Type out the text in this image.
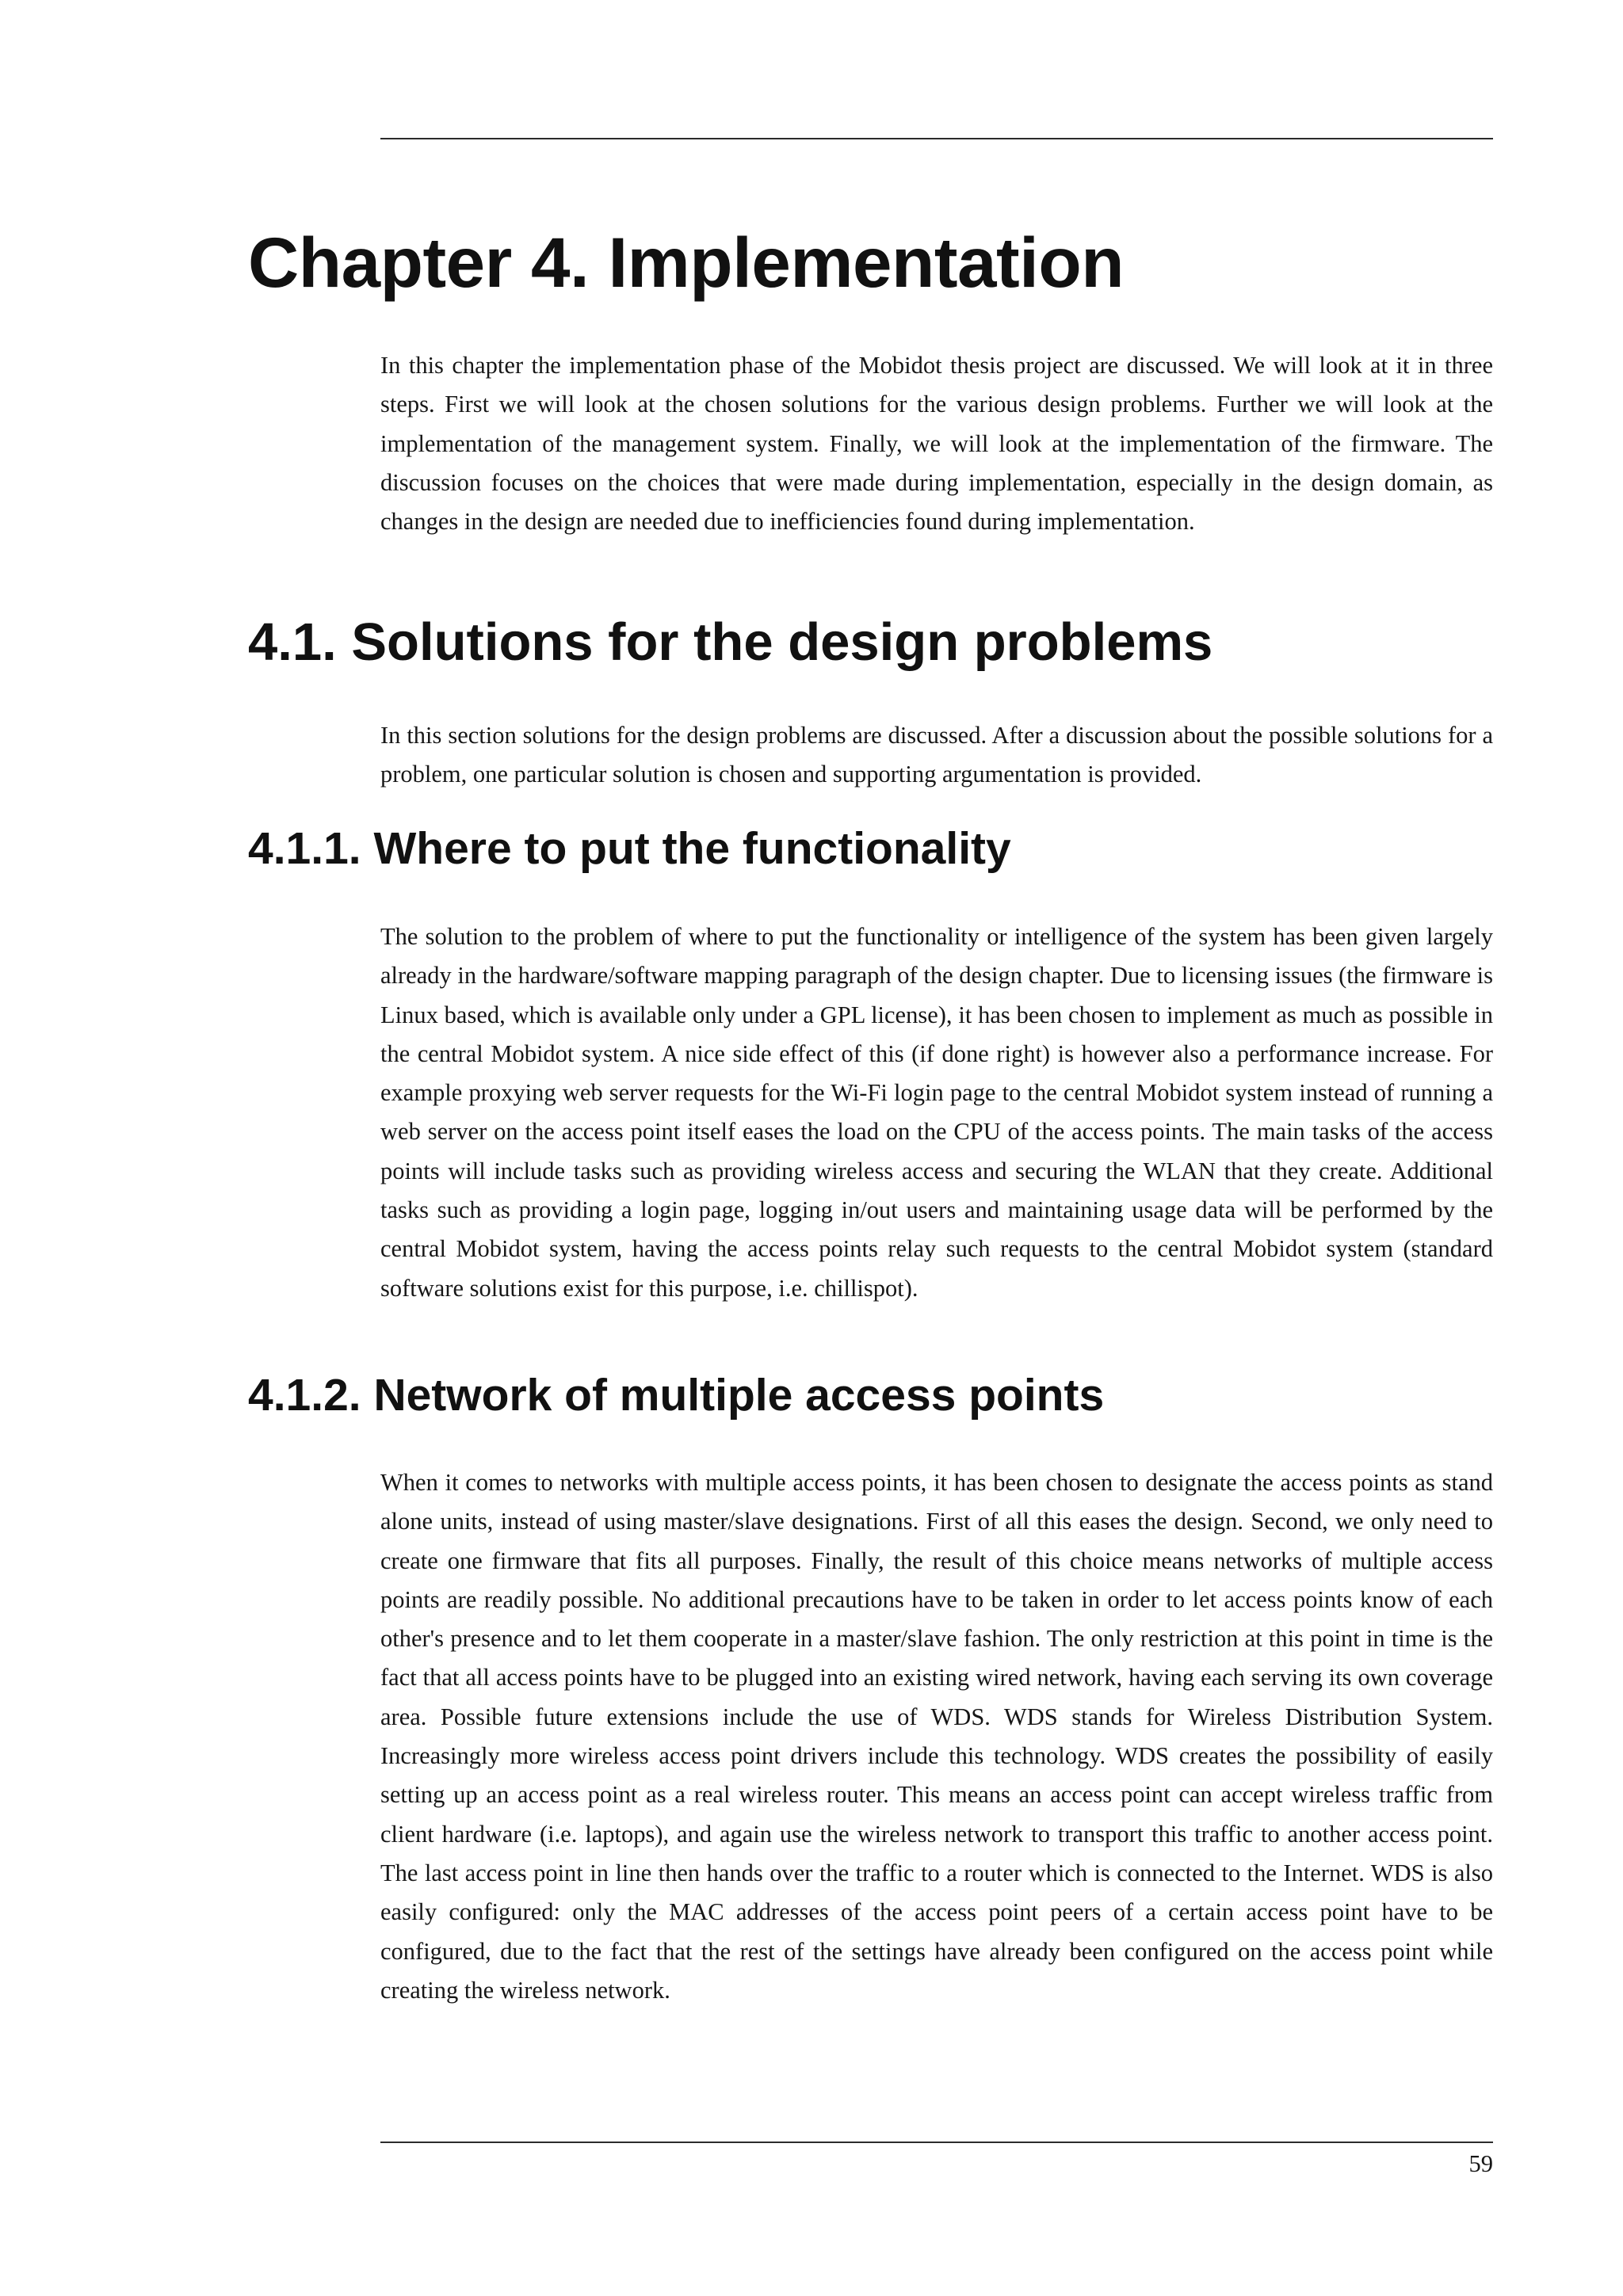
Chapter 4. Implementation

In this chapter the implementation phase of the Mobidot thesis project are discussed. We will look at it in three steps. First we will look at the chosen solutions for the various design problems. Further we will look at the implementation of the management system. Finally, we will look at the implementation of the firmware. The discussion focuses on the choices that were made during implementation, especially in the design domain, as changes in the design are needed due to inefficiencies found during implementation.

4.1. Solutions for the design problems

In this section solutions for the design problems are discussed. After a discussion about the possible solutions for a problem, one particular solution is chosen and supporting argumentation is provided.

4.1.1. Where to put the functionality

The solution to the problem of where to put the functionality or intelligence of the system has been given largely already in the hardware/software mapping paragraph of the design chapter. Due to licensing issues (the firmware is Linux based, which is available only under a GPL license), it has been chosen to implement as much as possible in the central Mobidot system. A nice side effect of this (if done right) is however also a performance increase. For example proxying web server requests for the Wi-Fi login page to the central Mobidot system instead of running a web server on the access point itself eases the load on the CPU of the access points. The main tasks of the access points will include tasks such as providing wireless access and securing the WLAN that they create. Additional tasks such as providing a login page, logging in/out users and maintaining usage data will be performed by the central Mobidot system, having the access points relay such requests to the central Mobidot system (standard software solutions exist for this purpose, i.e. chillispot).

4.1.2. Network of multiple access points

When it comes to networks with multiple access points, it has been chosen to designate the access points as stand alone units, instead of using master/slave designations. First of all this eases the design. Second, we only need to create one firmware that fits all purposes. Finally, the result of this choice means networks of multiple access points are readily possible. No additional precautions have to be taken in order to let access points know of each other's presence and to let them cooperate in a master/slave fashion. The only restriction at this point in time is the fact that all access points have to be plugged into an existing wired network, having each serving its own coverage area. Possible future extensions include the use of WDS. WDS stands for Wireless Distribution System. Increasingly more wireless access point drivers include this technology. WDS creates the possibility of easily setting up an access point as a real wireless router. This means an access point can accept wireless traffic from client hardware (i.e. laptops), and again use the wireless network to transport this traffic to another access point. The last access point in line then hands over the traffic to a router which is connected to the Internet. WDS is also easily configured: only the MAC addresses of the access point peers of a certain access point have to be configured, due to the fact that the rest of the settings have already been configured on the access point while creating the wireless network.

59
